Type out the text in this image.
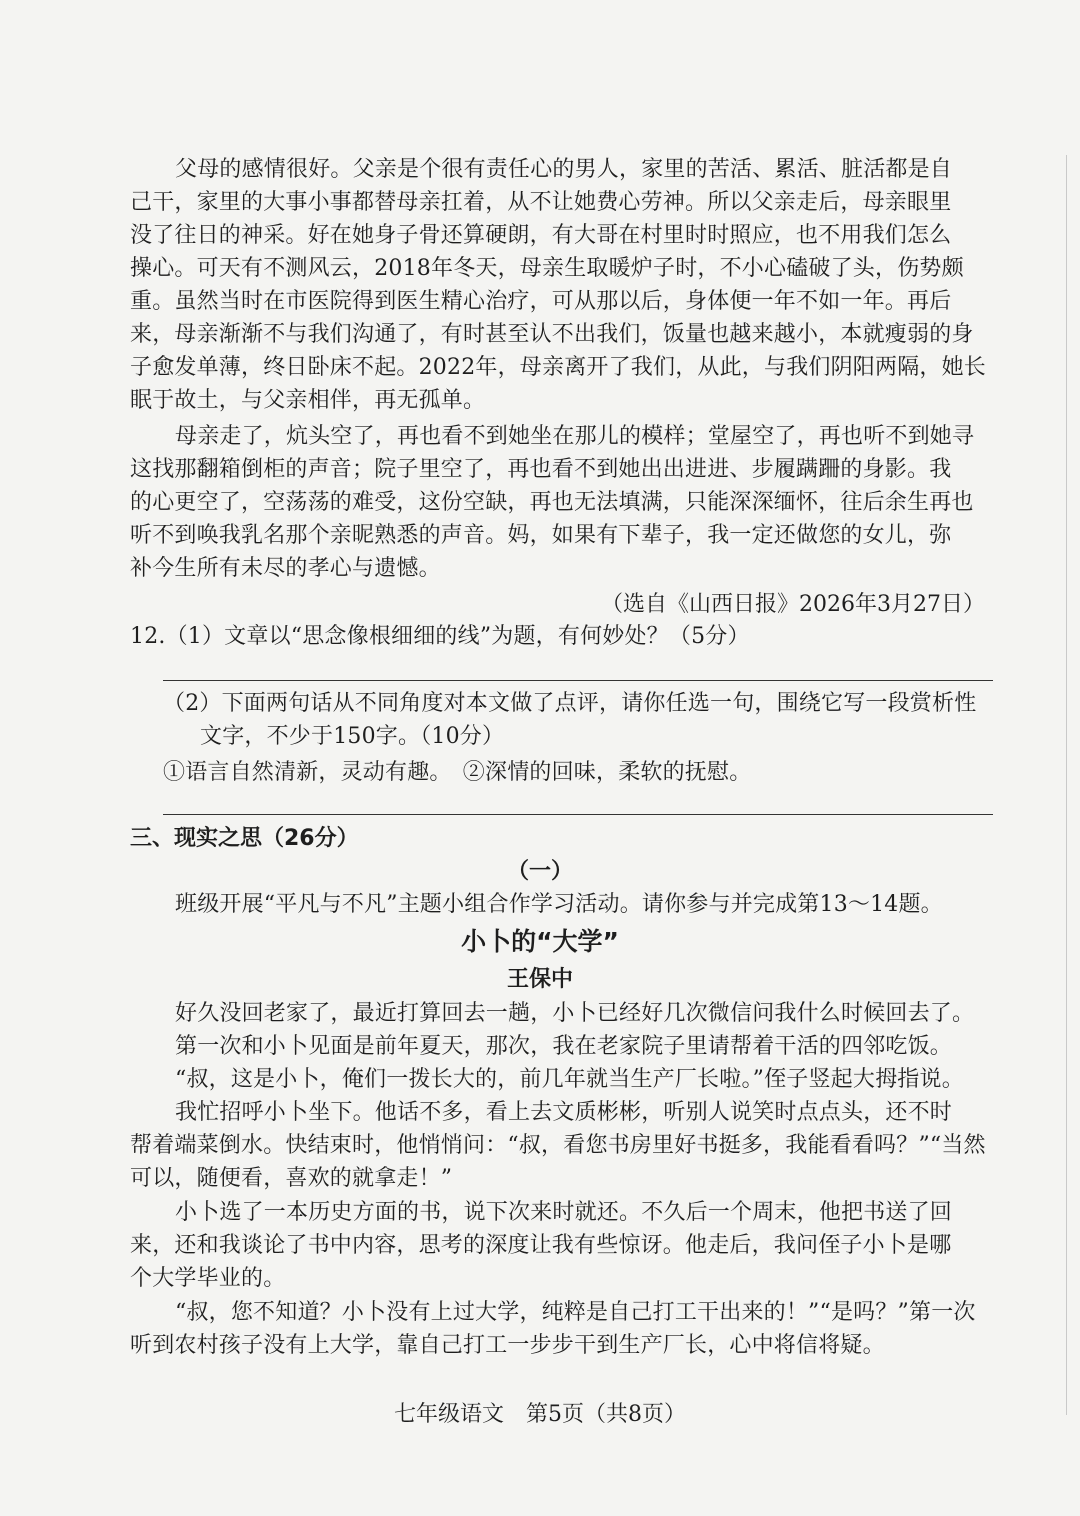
父母的感情很好。父亲是个很有责任心的男人，家里的苦活、累活、脏活都是自
己干，家里的大事小事都替母亲扛着，从不让她费心劳神。所以父亲走后，母亲眼里
没了往日的神采。好在她身子骨还算硬朗，有大哥在村里时时照应，也不用我们怎么
操心。可天有不测风云，2018年冬天，母亲生取暖炉子时，不小心磕破了头，伤势颇
重。虽然当时在市医院得到医生精心治疗，可从那以后，身体便一年不如一年。再后
来，母亲渐渐不与我们沟通了，有时甚至认不出我们，饭量也越来越小，本就瘦弱的身
子愈发单薄，终日卧床不起。2022年，母亲离开了我们，从此，与我们阴阳两隔，她长
眠于故土，与父亲相伴，再无孤单。
母亲走了，炕头空了，再也看不到她坐在那儿的模样；堂屋空了，再也听不到她寻
这找那翻箱倒柜的声音；院子里空了，再也看不到她出出进进、步履蹒跚的身影。我
的心更空了，空荡荡的难受，这份空缺，再也无法填满，只能深深缅怀，往后余生再也
听不到唤我乳名那个亲昵熟悉的声音。妈，如果有下辈子，我一定还做您的女儿，弥
补今生所有未尽的孝心与遗憾。
（选自《山西日报》2026年3月27日）
12.（1）文章以“思念像根细细的线”为题，有何妙处？（5分）
（2）下面两句话从不同角度对本文做了点评，请你任选一句，围绕它写一段赏析性
文字，不少于150字。（10分）
①语言自然清新，灵动有趣。　②深情的回味，柔软的抚慰。
三、现实之思（26分）
（一）
班级开展“平凡与不凡”主题小组合作学习活动。请你参与并完成第13～14题。
小卜的“大学”
王保中
好久没回老家了，最近打算回去一趟，小卜已经好几次微信问我什么时候回去了。
第一次和小卜见面是前年夏天，那次，我在老家院子里请帮着干活的四邻吃饭。
“叔，这是小卜，俺们一拨长大的，前几年就当生产厂长啦。”侄子竖起大拇指说。
我忙招呼小卜坐下。他话不多，看上去文质彬彬，听别人说笑时点点头，还不时
帮着端菜倒水。快结束时，他悄悄问：“叔，看您书房里好书挺多，我能看看吗？”“当然
可以，随便看，喜欢的就拿走！”
小卜选了一本历史方面的书，说下次来时就还。不久后一个周末，他把书送了回
来，还和我谈论了书中内容，思考的深度让我有些惊讶。他走后，我问侄子小卜是哪
个大学毕业的。
“叔，您不知道？小卜没有上过大学，纯粹是自己打工干出来的！”“是吗？”第一次
听到农村孩子没有上大学，靠自己打工一步步干到生产厂长，心中将信将疑。
七年级语文　第5页（共8页）
